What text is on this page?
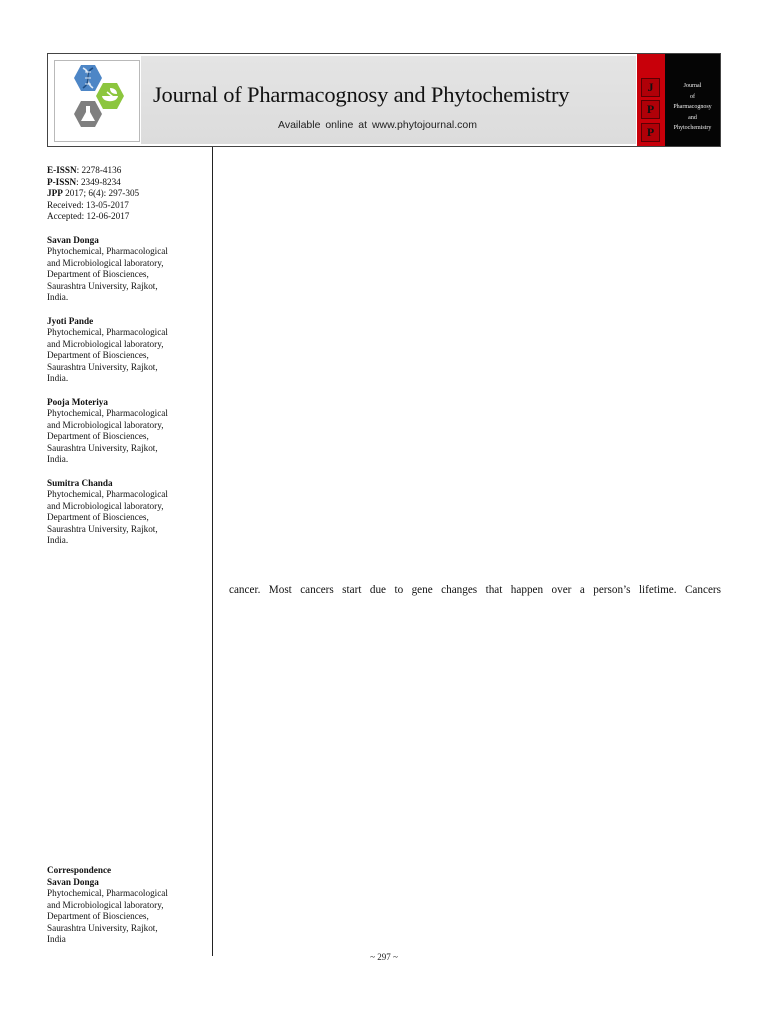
Journal of Pharmacognosy and Phytochemistry
Available online at www.phytojournal.com
J
P
P
Journal
of
Pharmacognosy
and
Phytochemistry
E-ISSN: 2278-4136
P-ISSN: 2349-8234
JPP 2017; 6(4): 297-305
Received: 13-05-2017
Accepted: 12-06-2017
Savan Donga
Phytochemical, Pharmacological
and Microbiological laboratory,
Department of Biosciences,
Saurashtra University, Rajkot,
India.
Jyoti Pande
Phytochemical, Pharmacological
and Microbiological laboratory,
Department of Biosciences,
Saurashtra University, Rajkot,
India.
Pooja Moteriya
Phytochemical, Pharmacological
and Microbiological laboratory,
Department of Biosciences,
Saurashtra University, Rajkot,
India.
Sumitra Chanda
Phytochemical, Pharmacological
and Microbiological laboratory,
Department of Biosciences,
Saurashtra University, Rajkot,
India.
Correspondence
Savan Donga
Phytochemical, Pharmacological
and Microbiological laboratory,
Department of Biosciences,
Saurashtra University, Rajkot,
India
cancer. Most cancers start due to gene changes that happen over a person’s lifetime. Cancers
~ 297 ~
